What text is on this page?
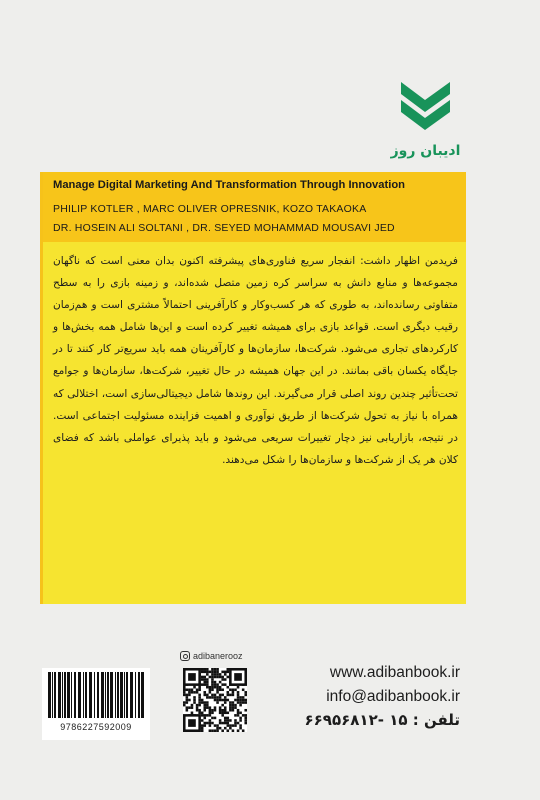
ادیبان روز
Manage Digital Marketing And Transformation Through Innovation
PHILIP KOTLER , MARC OLIVER OPRESNIK, KOZO TAKAOKA
DR. HOSEIN ALI SOLTANI , DR. SEYED MOHAMMAD MOUSAVI JED
فریدمن اظهار داشت: انفجار سریع فناوری‌های پیشرفته اکنون بدان معنی است که ناگهان مجموعه‌ها و منابع دانش به سراسر کره زمین متصل شده‌اند، و زمینه بازی را به سطح متفاوتی رسانده‌اند، به طوری که هر کسب‌وکار و کارآفرینی احتمالاً مشتری است و هم‌زمان رقیب دیگری است. قواعد بازی برای همیشه تغییر کرده است و این‌ها شامل همه بخش‌ها و کارکردهای تجاری می‌شود. شرکت‌ها، سازمان‌ها و کارآفرینان همه باید سریع‌تر کار کنند تا در جایگاه یکسان باقی بمانند. در این جهان همیشه در حال تغییر، شرکت‌ها، سازمان‌ها و جوامع تحت‌تأثیر چندین روند اصلی قرار می‌گیرند. این روندها شامل دیجیتالی‌سازی است، اختلالی که همراه با نیاز به تحول شرکت‌ها از طریق نوآوری و اهمیت فزاینده مسئولیت اجتماعی است. در نتیجه، بازاریابی نیز دچار تغییرات سریعی می‌شود و باید پذیرای عواملی باشد که فضای کلان هر یک از شرکت‌ها و سازمان‌ها را شکل می‌دهند.
9786227592009
adibanerooz
www.adibanbook.ir
info@adibanbook.ir
تلفن : ۱۵ -۶۶۹۵۶۸۱۲
